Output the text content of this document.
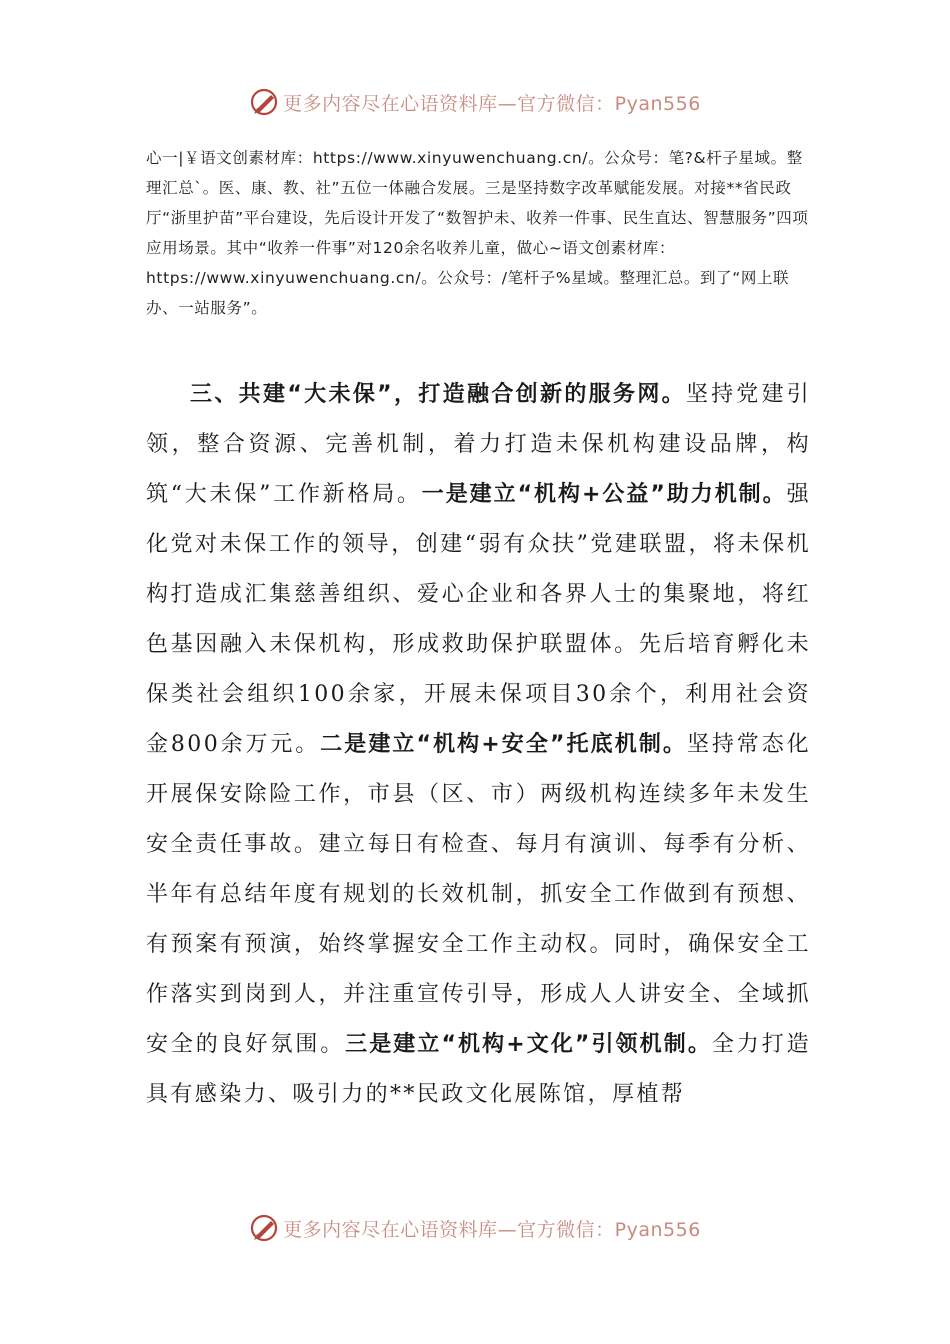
更多内容尽在心语资料库—官方微信：Pyan556

心一|￥语文创素材库：https://www.xinyuwenchuang.cn/。公众号：笔?&杆子星域。整理汇总`。医、康、教、社”五位一体融合发展。三是坚持数字改革赋能发展。对接**省民政厅“浙里护苗”平台建设，先后设计开发了“数智护未、收养一件事、民生直达、智慧服务”四项应用场景。其中“收养一件事”对120余名收养儿童，做心~语文创素材库：https://www.xinyuwenchuang.cn/。公众号：/笔杆子%星域。整理汇总。到了“网上联办、一站服务”。

三、共建“大未保”，打造融合创新的服务网。坚持党建引领，整合资源、完善机制，着力打造未保机构建设品牌，构筑“大未保”工作新格局。一是建立“机构+公益”助力机制。强化党对未保工作的领导，创建“弱有众扶”党建联盟，将未保机构打造成汇集慈善组织、爱心企业和各界人士的集聚地，将红色基因融入未保机构，形成救助保护联盟体。先后培育孵化未保类社会组织100余家，开展未保项目30余个，利用社会资金800余万元。二是建立“机构+安全”托底机制。坚持常态化开展保安除险工作，市县（区、市）两级机构连续多年未发生安全责任事故。建立每日有检查、每月有演训、每季有分析、半年有总结年度有规划的长效机制，抓安全工作做到有预想、有预案有预演，始终掌握安全工作主动权。同时，确保安全工作落实到岗到人，并注重宣传引导，形成人人讲安全、全域抓安全的良好氛围。三是建立“机构+文化”引领机制。全力打造具有感染力、吸引力的**民政文化展陈馆，厚植帮

更多内容尽在心语资料库—官方微信：Pyan556
